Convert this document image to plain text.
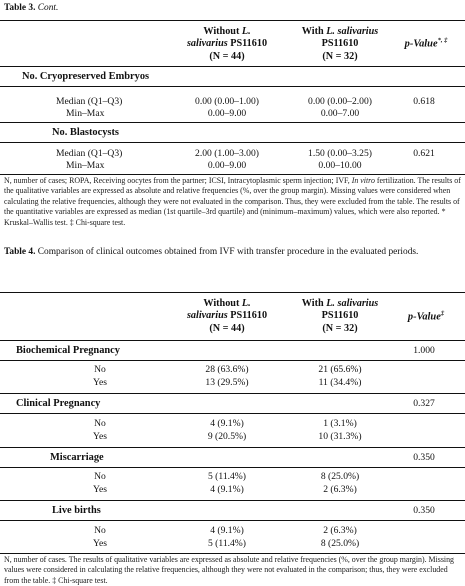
Table 3. Cont.
Without L.
salivarius PS11610
(N = 44)
With L. salivarius
PS11610
(N = 32)
p-Value*, ‡
No. Cryopreserved Embryos
Median (Q1–Q3)	0.00 (0.00–1.00)	0.00 (0.00–2.00)	0.618
Min–Max	0.00–9.00	0.00–7.00
No. Blastocysts
Median (Q1–Q3)	2.00 (1.00–3.00)	1.50 (0.00–3.25)	0.621
Min–Max	0.00–9.00	0.00–10.00
N, number of cases; ROPA, Receiving oocytes from the partner; ICSI, Intracytoplasmic sperm injection; IVF, In vitro fertilization. The results of the qualitative variables are expressed as absolute and relative frequencies (%, over the group margin). Missing values were considered when calculating the relative frequencies, although they were not evaluated in the comparison. Thus, they were excluded from the table. The results of the quantitative variables are expressed as median (1st quartile–3rd quartile) and (minimum–maximum) values, which were also reported. * Kruskal–Wallis test. ‡ Chi-square test.
Table 4. Comparison of clinical outcomes obtained from IVF with transfer procedure in the evaluated periods.
Without L.
salivarius PS11610
(N = 44)
With L. salivarius
PS11610
(N = 32)
p-Value‡
Biochemical Pregnancy	1.000
No	28 (63.6%)	21 (65.6%)
Yes	13 (29.5%)	11 (34.4%)
Clinical Pregnancy	0.327
No	4 (9.1%)	1 (3.1%)
Yes	9 (20.5%)	10 (31.3%)
Miscarriage	0.350
No	5 (11.4%)	8 (25.0%)
Yes	4 (9.1%)	2 (6.3%)
Live births	0.350
No	4 (9.1%)	2 (6.3%)
Yes	5 (11.4%)	8 (25.0%)
N, number of cases. The results of qualitative variables are expressed as absolute and relative frequencies (%, over the group margin). Missing values were considered in calculating the relative frequencies, although they were not evaluated in the comparison; thus, they were excluded from the table. ‡ Chi-square test.
